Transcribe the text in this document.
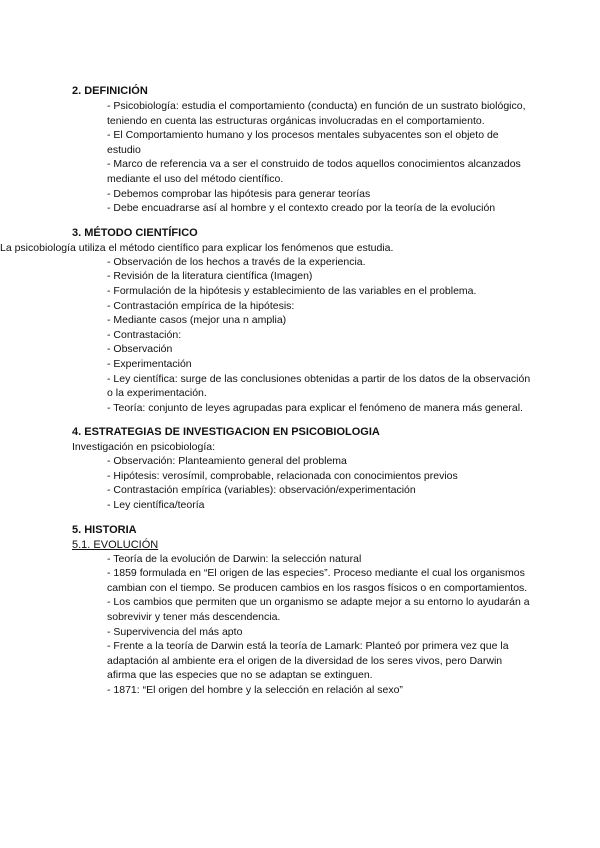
2. DEFINICIÓN
- Psicobiología: estudia el comportamiento (conducta) en función de un sustrato biológico, teniendo en cuenta las estructuras orgánicas involucradas en el comportamiento.
- El Comportamiento humano y los procesos mentales subyacentes son el objeto de estudio
- Marco de referencia va a ser el construido de todos aquellos conocimientos alcanzados mediante el uso del método científico.
- Debemos comprobar las hipótesis para generar teorías
- Debe encuadrarse así al hombre y el contexto creado por la teoría de la evolución
3. MÉTODO CIENTÍFICO
La psicobiología utiliza el método científico para explicar los fenómenos que estudia.
- Observación de los hechos a través de la experiencia.
- Revisión de la literatura científica (Imagen)
- Formulación de la hipótesis y establecimiento de las variables en el problema.
- Contrastación empírica de la hipótesis:
- Mediante casos (mejor una n amplia)
- Contrastación:
- Observación
- Experimentación
- Ley científica: surge de las conclusiones obtenidas a partir de los datos de la observación o la experimentación.
- Teoría: conjunto de leyes agrupadas para explicar el fenómeno de manera más general.
4. ESTRATEGIAS DE INVESTIGACION EN PSICOBIOLOGIA
Investigación en psicobiología:
- Observación: Planteamiento general del problema
- Hipótesis: verosímil, comprobable, relacionada con conocimientos previos
- Contrastación empírica (variables): observación/experimentación
- Ley científica/teoría
5. HISTORIA
5.1. EVOLUCIÓN
- Teoría de la evolución de Darwin: la selección natural
- 1859 formulada en “El origen de las especies”. Proceso mediante el cual los organismos cambian con el tiempo. Se producen cambios en los rasgos físicos o en comportamientos.
- Los cambios que permiten que un organismo se adapte mejor a su entorno lo ayudarán a sobrevivir y tener más descendencia.
- Supervivencia del más apto
- Frente a la teoría de Darwin está la teoría de Lamark: Planteó por primera vez que la adaptación al ambiente era el origen de la diversidad de los seres vivos, pero Darwin afirma que las especies que no se adaptan se extinguen.
- 1871: “El origen del hombre y la selección en relación al sexo”
